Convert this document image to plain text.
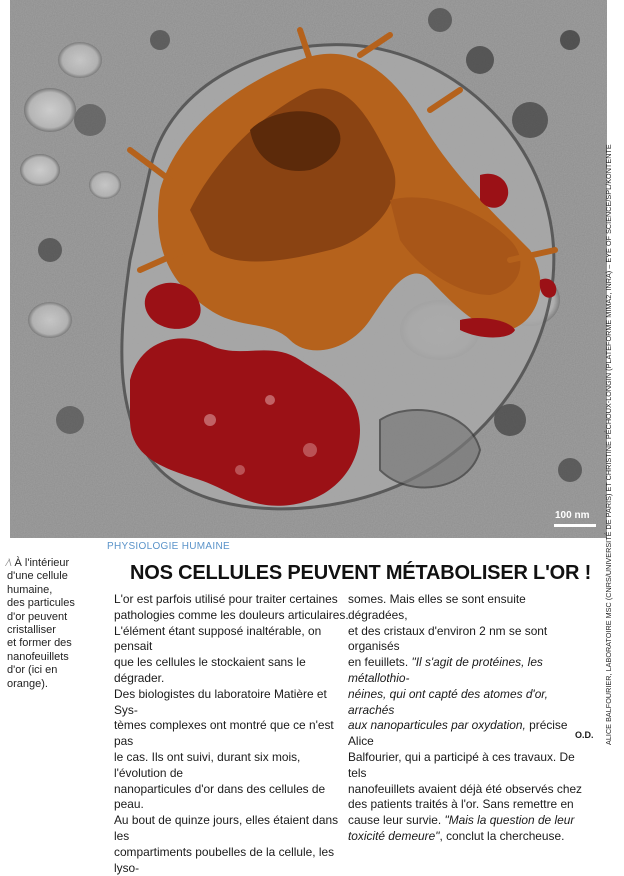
100 nm ALICE BALFOURIER, LABORATOIRE MSC (CNRS/UNIVERSITÉ DE PARIS) ET CHRISTINE PÉCHOUX-LONGIN (PLATEFORME MIMA2, INRA) – EYE OF SCIENCE/SPL/KONTENTE
PHYSIOLOGIE HUMAINE
NOS CELLULES PEUVENT MÉTABOLISER L'OR !
⁄\ À l'intérieur
d'une cellule
humaine,
des particules
d'or peuvent
cristalliser
et former des
nanofeuillets
d'or (ici en
orange).

L'or est parfois utilisé pour traiter certaines

pathologies comme les douleurs articulaires.

L'élément étant supposé inaltérable, on pensait

que les cellules le stockaient sans le dégrader.

Des biologistes du laboratoire Matière et Sys-

tèmes complexes ont montré que ce n'est pas

le cas. Ils ont suivi, durant six mois, l'évolution de

nanoparticules d'or dans des cellules de peau.

Au bout de quinze jours, elles étaient dans les

compartiments poubelles de la cellule, les lyso-

somes. Mais elles se sont ensuite dégradées,

et des cristaux d'environ 2 nm se sont organisés

en feuillets. "Il s'agit de protéines, les métallothio-

néines, qui ont capté des atomes d'or, arrachés

aux nanoparticules par oxydation, précise Alice

Balfourier, qui a participé à ces travaux. De tels

nanofeuillets avaient déjà été observés chez

des patients traités à l'or. Sans remettre en

cause leur survie. "Mais la question de leur

toxicité demeure", conclut la chercheuse.

O.D.
